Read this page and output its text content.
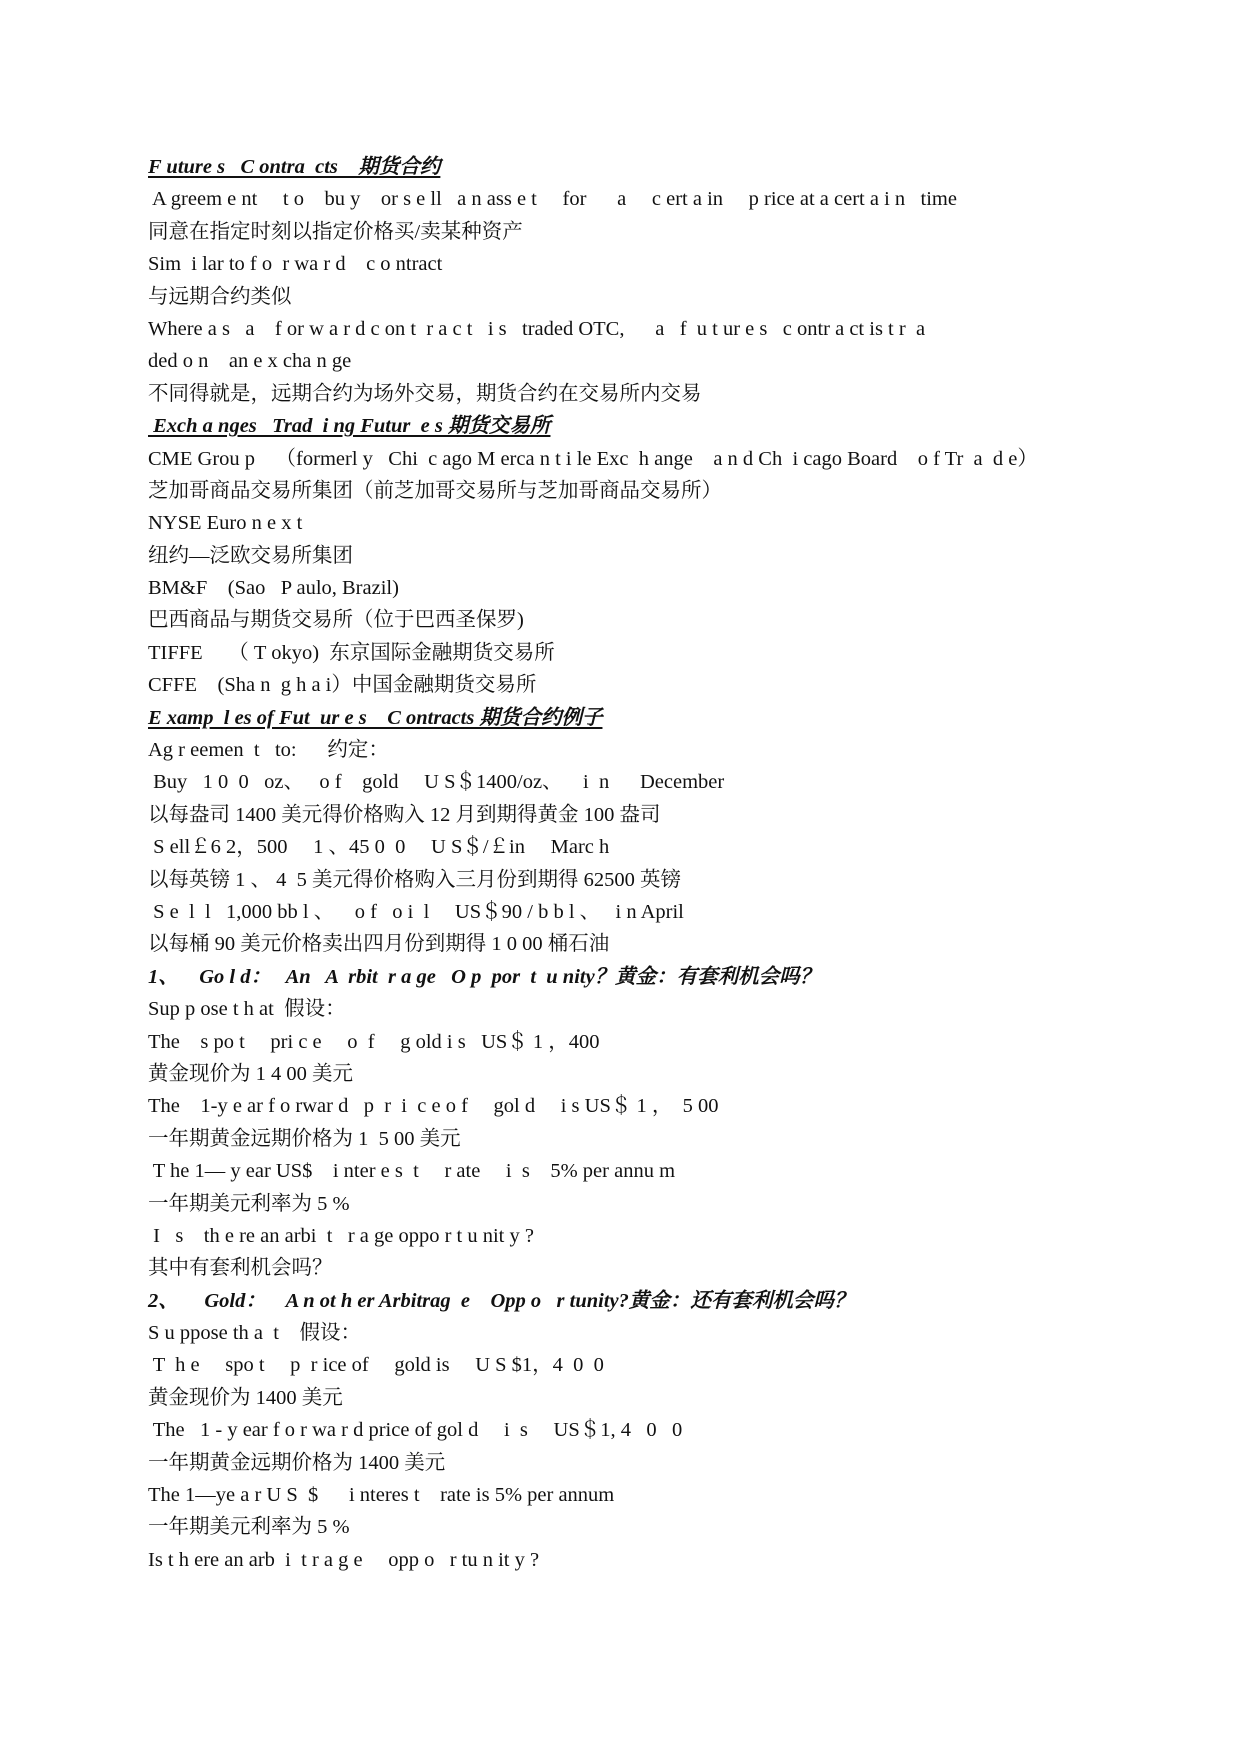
F uture s   C ontra  cts    期货合约
A greem e nt     t o    bu y    or s e ll   a n ass e t     for      a     c ert a in     p rice at a cert a i n   time
同意在指定时刻以指定价格买/卖某种资产
Sim  i lar to f o  r wa r d    c o ntract
与远期合约类似
Where a s   a    f or w a r d c on t  r a c t   i s   traded OTC,      a   f  u t ur e s   c ontr a ct is t r  a
ded o n    an e x cha n ge
不同得就是，远期合约为场外交易，期货合约在交易所内交易
Exch a nges   Trad  i ng Futur  e s 期货交易所
CME Grou p    （formerl y   Chi  c ago M erca n t i le Exc  h ange    a n d Ch  i cago Board    o f Tr  a  d e）
芝加哥商品交易所集团（前芝加哥交易所与芝加哥商品交易所）
NYSE Euro n e x t
纽约—泛欧交易所集团
BM&F    (Sao   P aulo, Brazil)
巴西商品与期货交易所（位于巴西圣保罗)
TIFFE     （ T okyo)  东京国际金融期货交易所
CFFE    (Sha n  g h a i）中国金融期货交易所
E xamp  l es of Fut  ur e s    C ontracts 期货合约例子
Ag r eemen  t   to:      约定：
Buy   1 0  0   oz、   o f    gold     U S＄1400/oz、    i  n      December
以每盎司 1400 美元得价格购入 12 月到期得黄金 100 盎司
S ell￡6 2，500     1 、45 0  0     U S＄/￡in     Marc h
以每英镑 1 、 4  5 美元得价格购入三月份到期得 62500 英镑
S e  l  l   1,000 bb l 、    o f   o i  l     US＄90 / b b l 、   i n April
以每桶 90 美元价格卖出四月份到期得 1 0 00 桶石油
1、    Go l d：   An   A  rbit  r a ge   O p  por  t  u nity？黄金：有套利机会吗？
Sup p ose t h at  假设：
The    s po t     pri c e     o  f     g old i s   US＄ 1 ，400
黄金现价为 1 4 00 美元
The    1-y e ar f o rwar d   p  r  i  c e o f     gol d     i s US＄ 1 ，  5 00
一年期黄金远期价格为 1  5 00 美元
T he 1— y ear US$    i nter e s  t     r ate     i  s    5% per annu m
一年期美元利率为 5 %
I   s    th e re an arbi  t   r a ge oppo r t u nit y ?
其中有套利机会吗？
2、     Gold：    A n ot h er Arbitrag  e    Opp o   r tunity?黄金：还有套利机会吗？
S u ppose th a  t    假设：
T  h e     spo t     p  r ice of     gold is     U S $1，4  0  0
黄金现价为 1400 美元
The   1 - y ear f o r wa r d price of gol d     i  s     US＄1, 4   0   0
一年期黄金远期价格为 1400 美元
The 1—ye a r U S  $      i nteres t    rate is 5% per annum
一年期美元利率为 5 %
Is t h ere an arb  i  t r a g e     opp o   r tu n it y ?
